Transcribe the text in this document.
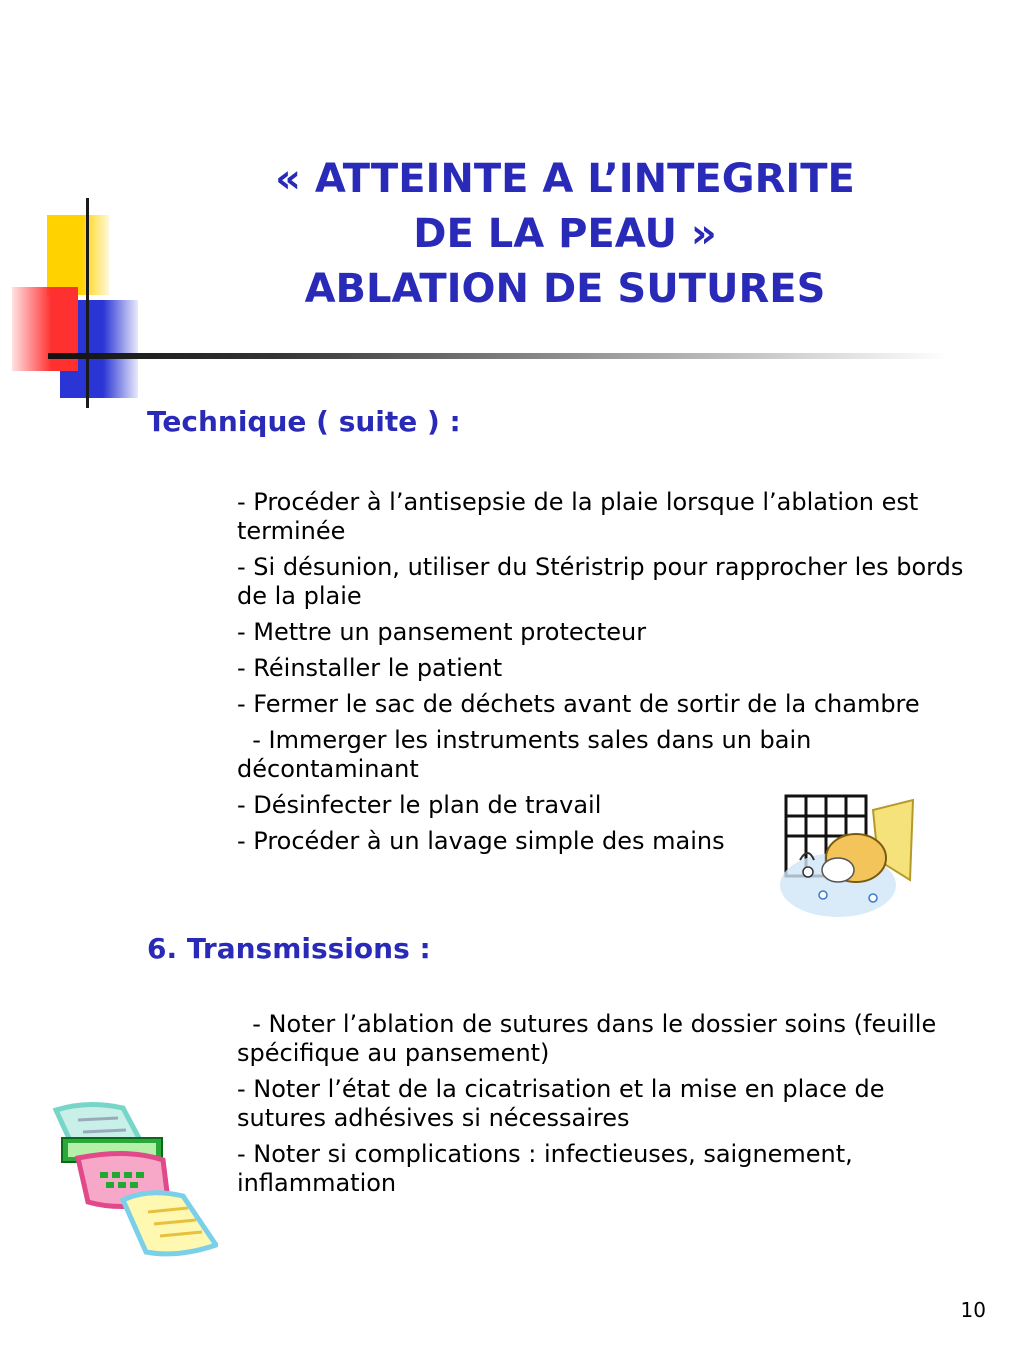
« ATTEINTE A L’INTEGRITE
DE LA PEAU »
ABLATION DE SUTURES
Technique ( suite ) :
- Procéder à l’antisepsie de la plaie lorsque l’ablation est terminée
- Si désunion, utiliser du Stéristrip pour rapprocher les bords de la plaie
- Mettre un pansement protecteur
- Réinstaller le patient
- Fermer le sac de déchets avant de sortir de la chambre
- Immerger les instruments sales dans un bain décontaminant
- Désinfecter le plan de travail
- Procéder à un lavage simple des mains
6. Transmissions :
- Noter l’ablation de sutures dans le dossier soins (feuille spécifique au pansement)
- Noter l’état de la cicatrisation et la mise en place de sutures adhésives si nécessaires
- Noter si complications : infectieuses, saignement, inflammation
10
